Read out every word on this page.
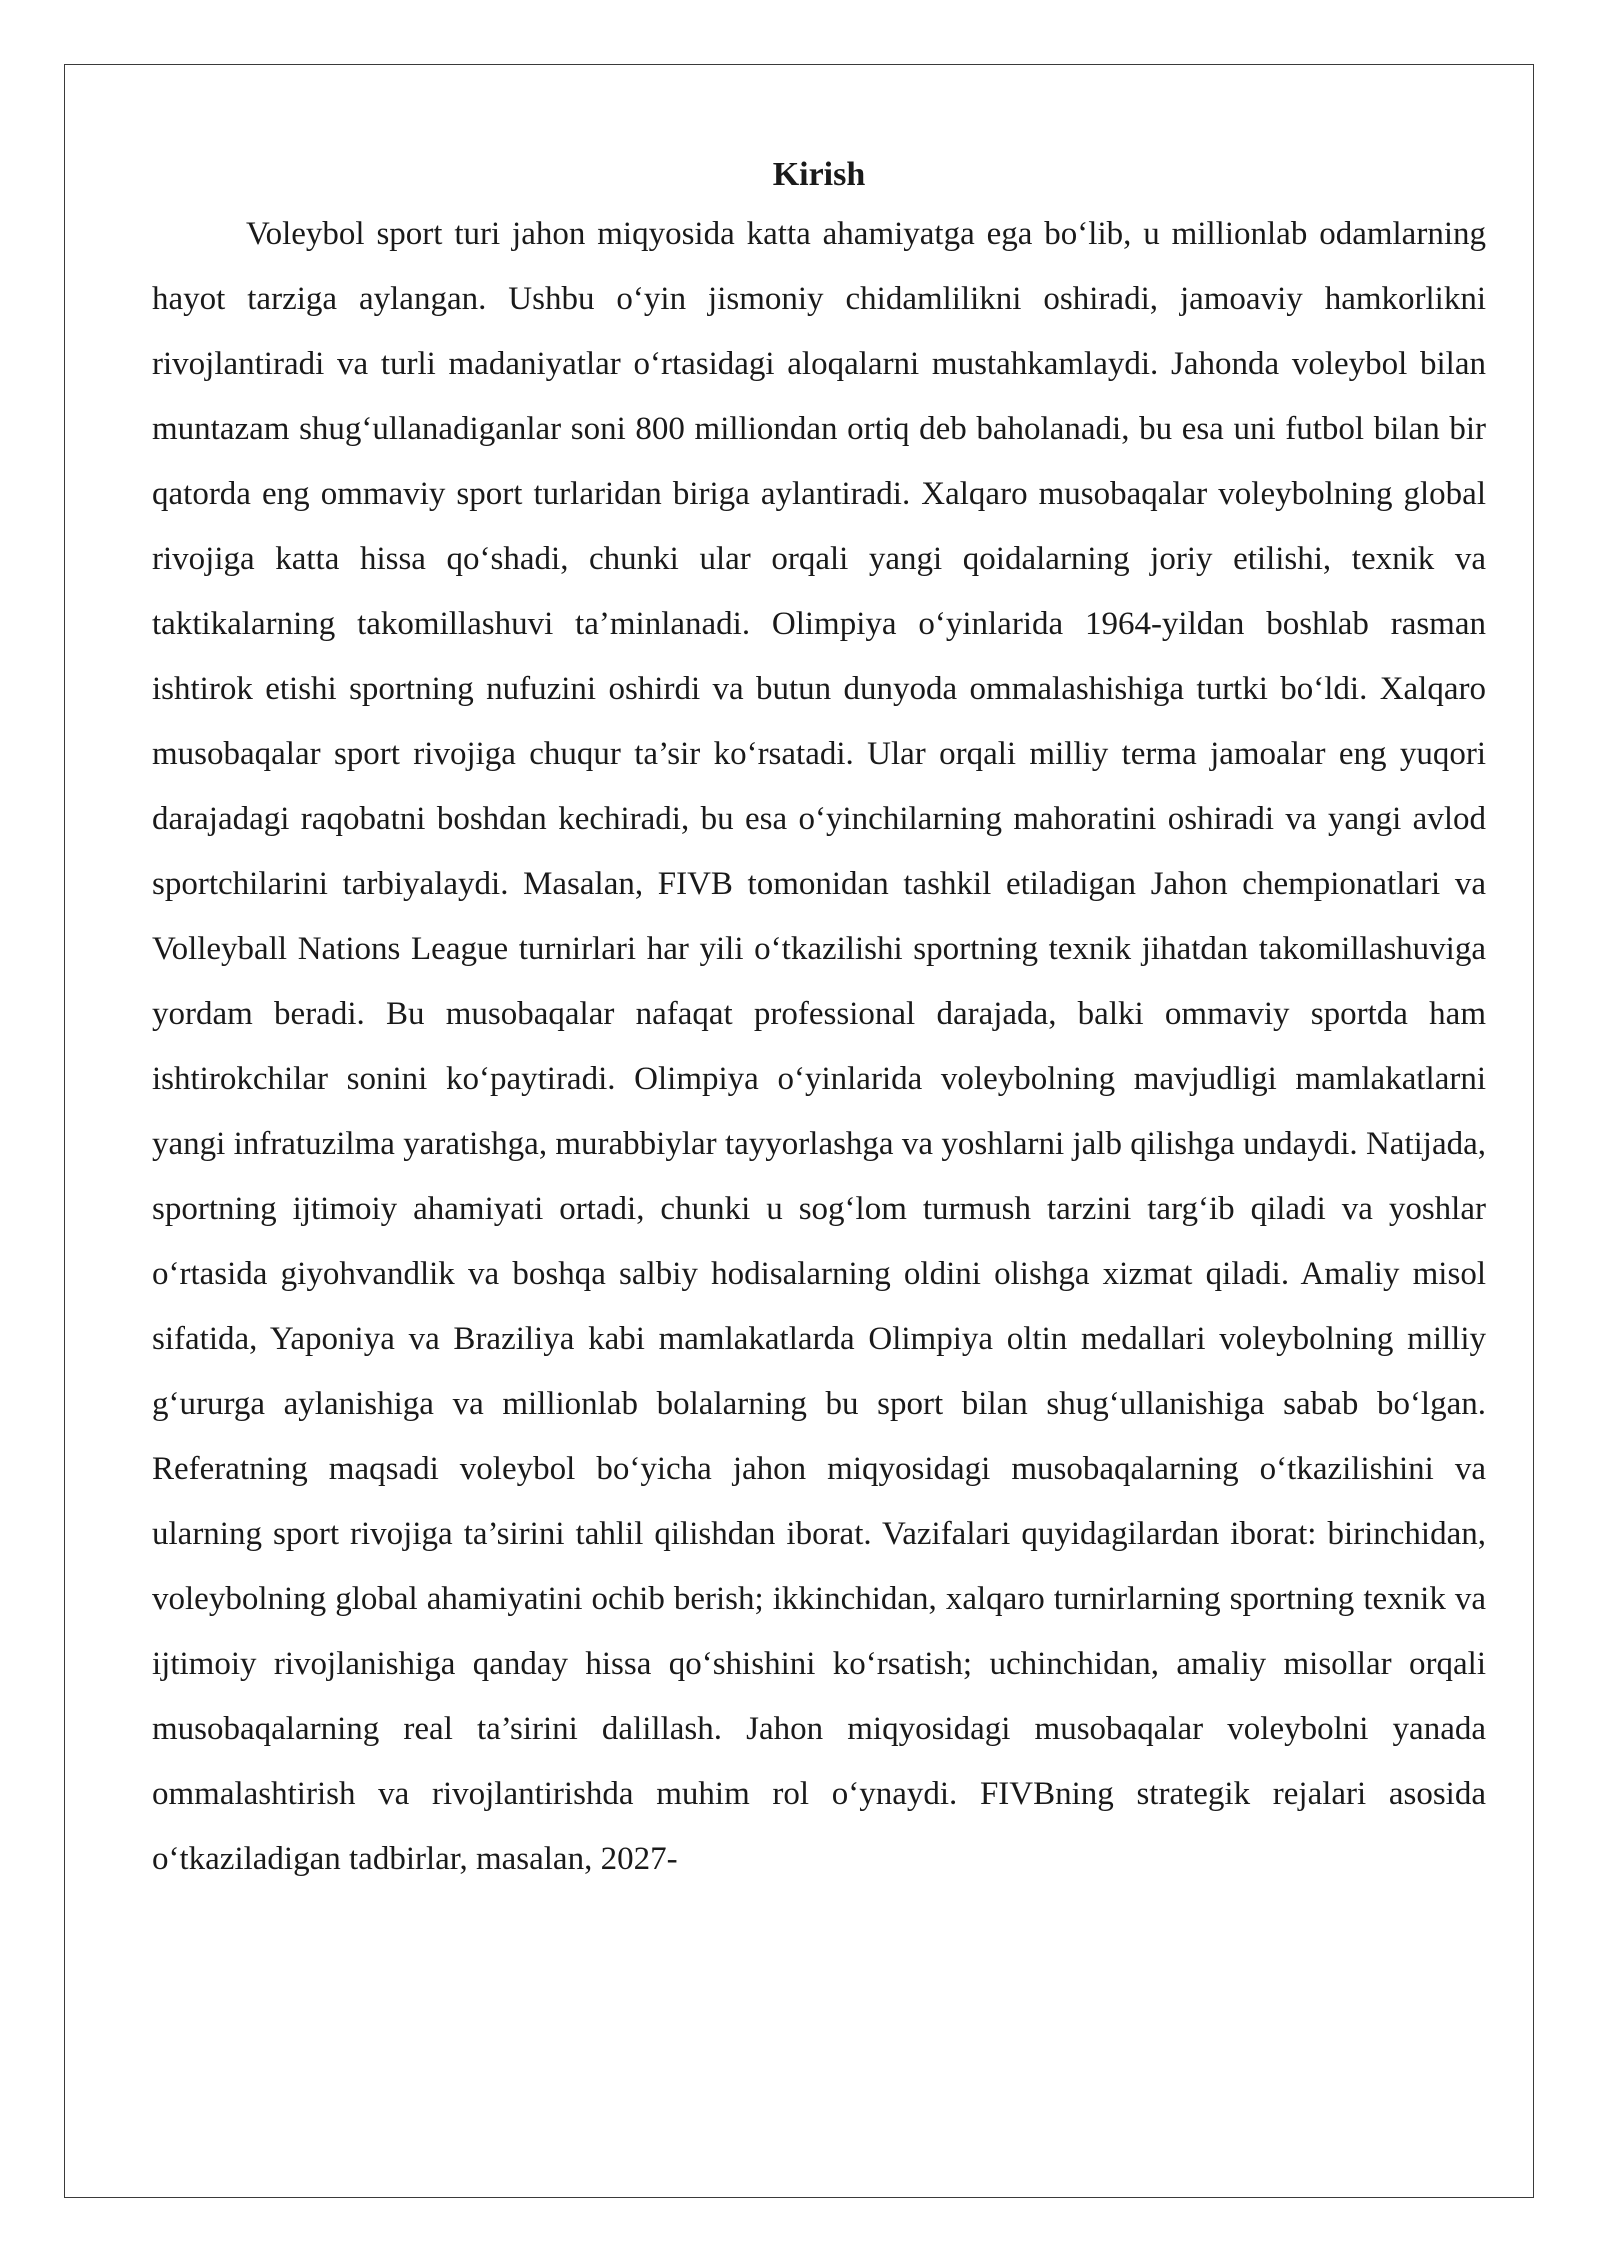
Kirish

Voleybol sport turi jahon miqyosida katta ahamiyatga ega bo‘lib, u millionlab odamlarning hayot tarziga aylangan. Ushbu o‘yin jismoniy chidamlilikni oshiradi, jamoaviy hamkorlikni rivojlantiradi va turli madaniyatlar o‘rtasidagi aloqalarni mustahkamlaydi. Jahonda voleybol bilan muntazam shug‘ullanadiganlar soni 800 milliondan ortiq deb baholanadi, bu esa uni futbol bilan bir qatorda eng ommaviy sport turlaridan biriga aylantiradi. Xalqaro musobaqalar voleybolning global rivojiga katta hissa qo‘shadi, chunki ular orqali yangi qoidalarning joriy etilishi, texnik va taktikalarning takomillashuvi ta’minlanadi. Olimpiya o‘yinlarida 1964-yildan boshlab rasman ishtirok etishi sportning nufuzini oshirdi va butun dunyoda ommalashishiga turtki bo‘ldi. Xalqaro musobaqalar sport rivojiga chuqur ta’sir ko‘rsatadi. Ular orqali milliy terma jamoalar eng yuqori darajadagi raqobatni boshdan kechiradi, bu esa o‘yinchilarning mahoratini oshiradi va yangi avlod sportchilarini tarbiyalaydi. Masalan, FIVB tomonidan tashkil etiladigan Jahon chempionatlari va Volleyball Nations League turnirlari har yili o‘tkazilishi sportning texnik jihatdan takomillashuviga yordam beradi. Bu musobaqalar nafaqat professional darajada, balki ommaviy sportda ham ishtirokchilar sonini ko‘paytiradi. Olimpiya o‘yinlarida voleybolning mavjudligi mamlakatlarni yangi infratuzilma yaratishga, murabbiylar tayyorlashga va yoshlarni jalb qilishga undaydi. Natijada, sportning ijtimoiy ahamiyati ortadi, chunki u sog‘lom turmush tarzini targ‘ib qiladi va yoshlar o‘rtasida giyohvandlik va boshqa salbiy hodisalarning oldini olishga xizmat qiladi. Amaliy misol sifatida, Yaponiya va Braziliya kabi mamlakatlarda Olimpiya oltin medallari voleybolning milliy g‘ururga aylanishiga va millionlab bolalarning bu sport bilan shug‘ullanishiga sabab bo‘lgan. Referatning maqsadi voleybol bo‘yicha jahon miqyosidagi musobaqalarning o‘tkazilishini va ularning sport rivojiga ta’sirini tahlil qilishdan iborat. Vazifalari quyidagilardan iborat: birinchidan, voleybolning global ahamiyatini ochib berish; ikkinchidan, xalqaro turnirlarning sportning texnik va ijtimoiy rivojlanishiga qanday hissa qo‘shishini ko‘rsatish; uchinchidan, amaliy misollar orqali musobaqalarning real ta’sirini dalillash. Jahon miqyosidagi musobaqalar voleybolni yanada ommalashtirish va rivojlantirishda muhim rol o‘ynaydi. FIVBning strategik rejalari asosida o‘tkaziladigan tadbirlar, masalan, 2027-
